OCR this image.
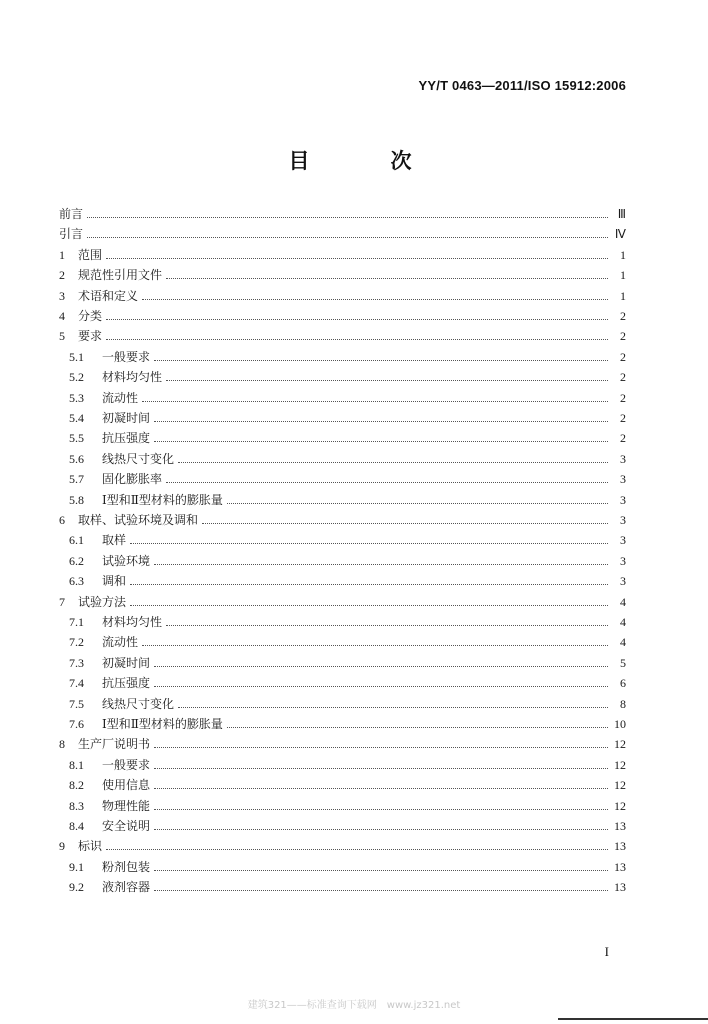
YY/T 0463—2011/ISO 15912:2006
目　次
前言	Ⅲ
引言	Ⅳ
1	范围	1
2	规范性引用文件	1
3	术语和定义	1
4	分类	2
5	要求	2
5.1	一般要求	2
5.2	材料均匀性	2
5.3	流动性	2
5.4	初凝时间	2
5.5	抗压强度	2
5.6	线热尺寸变化	3
5.7	固化膨胀率	3
5.8	Ⅰ型和Ⅱ型材料的膨胀量	3
6	取样、试验环境及调和	3
6.1	取样	3
6.2	试验环境	3
6.3	调和	3
7	试验方法	4
7.1	材料均匀性	4
7.2	流动性	4
7.3	初凝时间	5
7.4	抗压强度	6
7.5	线热尺寸变化	8
7.6	Ⅰ型和Ⅱ型材料的膨胀量	10
8	生产厂说明书	12
8.1	一般要求	12
8.2	使用信息	12
8.3	物理性能	12
8.4	安全说明	13
9	标识	13
9.1	粉剂包装	13
9.2	液剂容器	13
I
建筑321——标准查询下载网　www.jz321.net
